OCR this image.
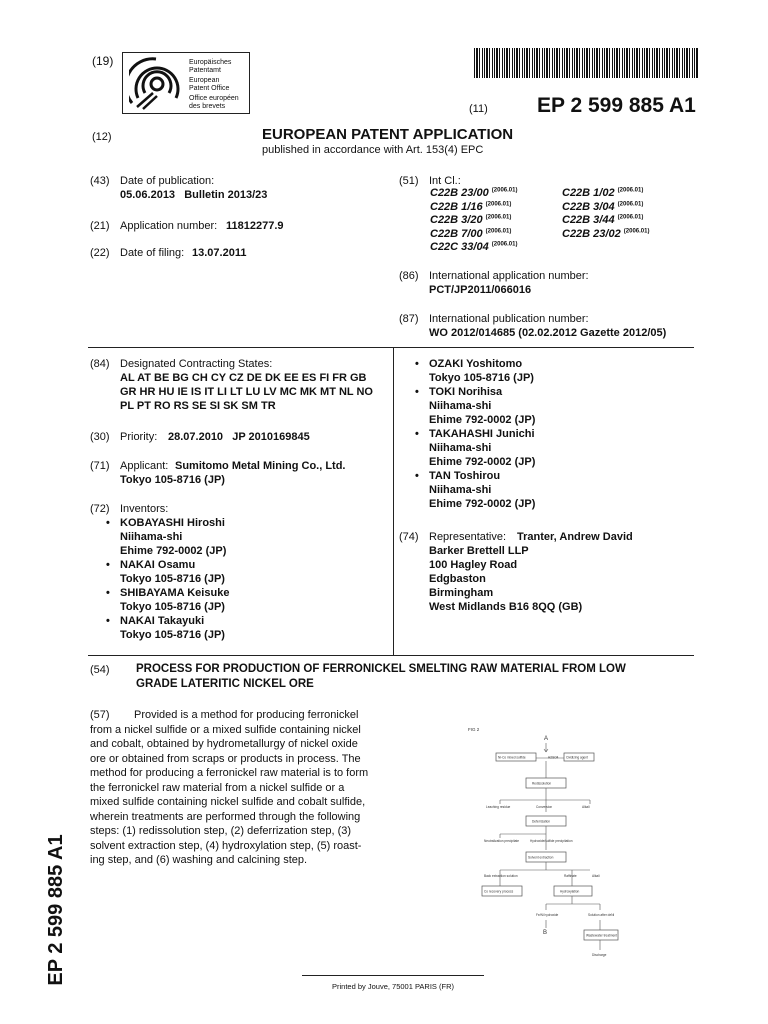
(19)	Europäisches
Patentamt
European
Patent Office
Office européen
des brevets	(11) EP 2 599 885 A1
(12)	EUROPEAN PATENT APPLICATION
published in accordance with Art. 153(4) EPC
(43) Date of publication:
05.06.2013   Bulletin 2013/23
(21) Application number: 11812277.9
(22) Date of filing: 13.07.2011
(51) Int Cl.:
C22B 23/00 $^{(2006.01)}$
C22B 1/16 $^{(2006.01)}$
C22B 3/20 $^{(2006.01)}$
C22B 7/00 $^{(2006.01)}$
C22C 33/04 $^{(2006.01)}$
C22B 1/02 $^{(2006.01)}$
C22B 3/04 $^{(2006.01)}$
C22B 3/44 $^{(2006.01)}$
C22B 23/02 $^{(2006.01)}$
(86) International application number:
PCT/JP2011/066016
(87) International publication number:
WO 2012/014685 (02.02.2012 Gazette 2012/05)
(84) Designated Contracting States:
AL AT BE BG CH CY CZ DE DK EE ES FI FR GB
GR HR HU IE IS IT LI LT LU LV MC MK MT NL NO
PL PT RO RS SE SI SK SM TR
(30) Priority: 28.07.2010   JP 2010169845
(71) Applicant: Sumitomo Metal Mining Co., Ltd.
Tokyo 105-8716 (JP)
(72) Inventors:
• KOBAYASHI Hiroshi
Niihama-shi
Ehime 792-0002 (JP)
• NAKAI Osamu
Tokyo 105-8716 (JP)
• SHIBAYAMA Keisuke
Tokyo 105-8716 (JP)
• NAKAI Takayuki
Tokyo 105-8716 (JP)
• OZAKI Yoshitomo
Tokyo 105-8716 (JP)
• TOKI Norihisa
Niihama-shi
Ehime 792-0002 (JP)
• TAKAHASHI Junichi
Niihama-shi
Ehime 792-0002 (JP)
• TAN Toshirou
Niihama-shi
Ehime 792-0002 (JP)
(74) Representative: Tranter, Andrew David
Barker Brettell LLP
100 Hagley Road
Edgbaston
Birmingham
West Midlands B16 8QQ (GB)
(54) PROCESS FOR PRODUCTION OF FERRONICKEL SMELTING RAW MATERIAL FROM LOW
GRADE LATERITIC NICKEL ORE
(57) Provided is a method for producing ferronickel
from a nickel sulfide or a mixed sulfide containing nickel
and cobalt, obtained by hydrometallurgy of nickel oxide
ore or obtained from scraps or products in process. The
method for producing a ferronickel raw material is to form
the ferronickel raw material from a nickel sulfide or a
mixed sulfide containing nickel sulfide and cobalt sulfide,
wherein treatments are performed through the following
steps: (1) redissolution step, (2) deferrization step, (3)
solvent extraction step, (4) hydroxylation step, (5) roast-
ing step, and (6) washing and calcining step.
FIG 2
A
Ni-Co mixed sulfide	H2SO4 Oxidizing agent
Redissolution
Leaching residue	Conversion	Alkali
Deferrization
Neutralization precipitate	Hydroxide/sulfide precipitation
Solvent extraction
Back extraction solution	Raffinate	Alkali
Co recovery process	Hydroxylation
Fe/Ni hydroxide	Solution after deNi
B	Wastewater treatment
Discharge
EP 2 599 885 A1
Printed by Jouve, 75001 PARIS (FR)
